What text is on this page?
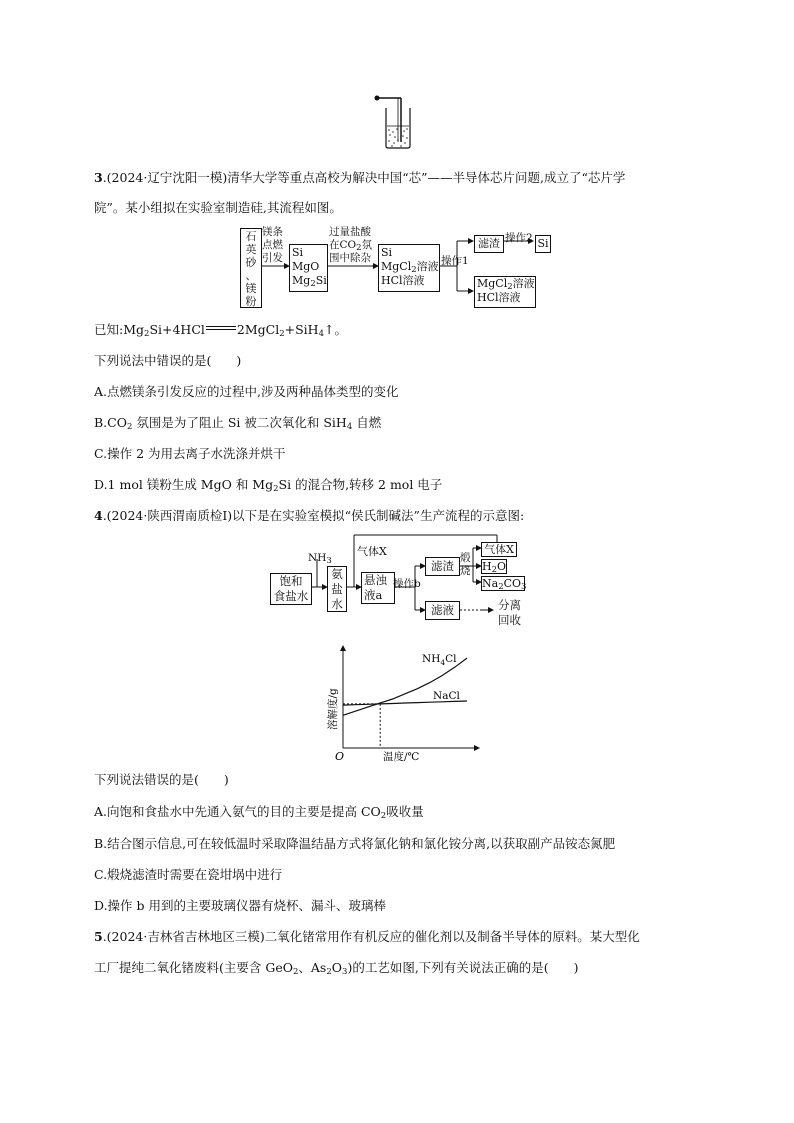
3.(2024·辽宁沈阳一模)清华大学等重点高校为解决中国“芯”——半导体芯片问题,成立了“芯片学
院”。某小组拟在实验室制造硅,其流程如图。
石
英
砂
、
镁
粉
镁条
点燃
引发 Si
MgO
$Mg_2Si$
过量盐酸
在$CO_2$氛
围中除杂 Si
MgCl$_2$溶液
HCl溶液
操作1
滤渣 操作2 Si
MgCl$_2$溶液
HCl溶液
已知$:Mg_2Si+4HCl$	2MgCl$_2$+SiH$_4$↑。
下列说法中错误的是(　　)
A.点燃镁条引发反应的过程中,涉及两种晶体类型的变化
$B.CO_2$ 氛围是为了阻止 Si 被二次氧化和 SiH$_4$ 自燃
C.操作 2 为用去离子水洗涤并烘干
D.1 mol 镁粉生成 MgO 和 $Mg_2Si$ 的混合物,转移 2 mol 电子
4.(2024·陕西渭南质检Ⅰ)以下是在实验室模拟“侯氏制碱法”生产流程的示意图:
饱和
食盐水
$NH_3$
氨
盐
水
气体X
悬浊
液a
操作b
滤渣
煅
烧
气体X
$H_2O$
$Na_2CO_3$
滤液	分离
回收
O
溶解度/g
温度/℃
$NH_4Cl$
NaCl
下列说法错误的是(　　)
A.向饱和食盐水中先通入氨气的目的主要是提高 $CO_2$吸收量
B.结合图示信息,可在较低温时采取降温结晶方式将氯化钠和氯化铵分离,以获取副产品铵态氮肥
C.煅烧滤渣时需要在瓷坩埚中进行
D.操作 b 用到的主要玻璃仪器有烧杯、漏斗、玻璃棒
5.(2024·吉林省吉林地区三模)二氧化锗常用作有机反应的催化剂以及制备半导体的原料。某大型化
工厂提纯二氧化锗废料(主要含 GeO$_2$、$As_2O_3$)的工艺如图,下列有关说法正确的是(　　)
